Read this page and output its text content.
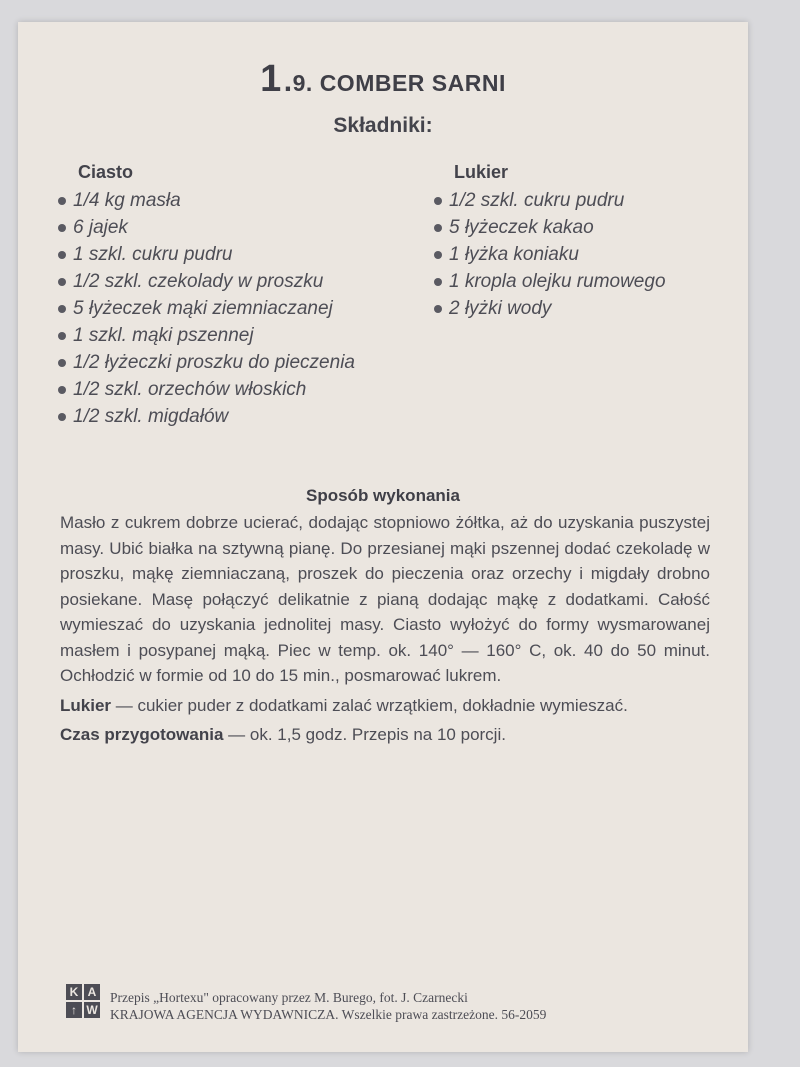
1.9. COMBER SARNI
Składniki:
Ciasto
1/4 kg masła
6 jajek
1 szkl. cukru pudru
1/2 szkl. czekolady w proszku
5 łyżeczek mąki ziemniaczanej
1 szkl. mąki pszennej
1/2 łyżeczki proszku do pieczenia
1/2 szkl. orzechów włoskich
1/2 szkl. migdałów
Lukier
1/2 szkl. cukru pudru
5 łyżeczek kakao
1 łyżka koniaku
1 kropla olejku rumowego
2 łyżki wody
Sposób wykonania

Masło z cukrem dobrze ucierać, dodając stopniowo żółtka, aż do uzyskania puszystej masy. Ubić białka na sztywną pianę. Do przesianej mąki pszennej dodać czekoladę w proszku, mąkę ziemniaczaną, proszek do pieczenia oraz orzechy i migdały drobno posiekane. Masę połączyć delikatnie z pianą dodając mąkę z dodatkami. Całość wymieszać do uzyskania jednolitej masy. Ciasto wyłożyć do formy wysmarowanej masłem i posypanej mąką. Piec w temp. ok. 140° — 160° C, ok. 40 do 50 minut. Ochłodzić w formie od 10 do 15 min., posmarować lukrem.

Lukier — cukier puder z dodatkami zalać wrzątkiem, dokładnie wymieszać.

Czas przygotowania — ok. 1,5 godz. Przepis na 10 porcji.

K A
↑ W
Przepis „Hortexu" opracowany przez M. Burego, fot. J. Czarnecki
KRAJOWA AGENCJA WYDAWNICZA. Wszelkie prawa zastrzeżone. 56-2059
